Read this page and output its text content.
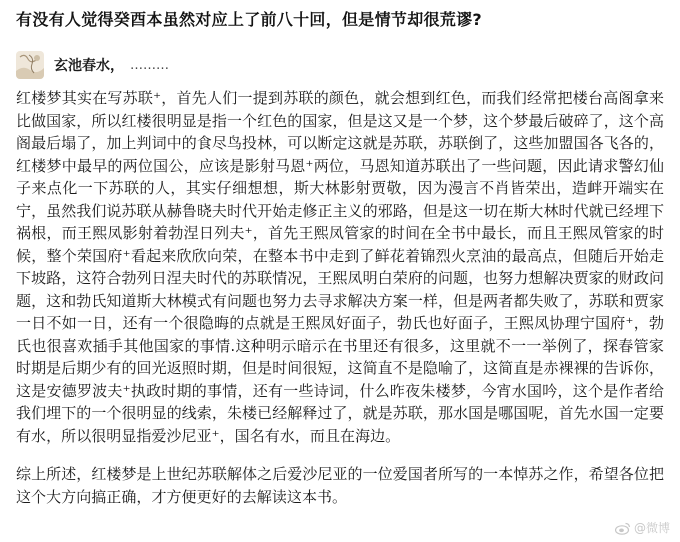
有没有人觉得癸酉本虽然对应上了前八十回，但是情节却很荒谬?
玄池春水 ， ………

红楼梦其实在写苏联⁺，首先人们一提到苏联的颜色，就会想到红色，而我们经常把楼台高阁拿来比做国家，所以红楼很明显是指一个红色的国家，但是这又是一个梦，这个梦最后破碎了，这个高阁最后塌了，加上判词中的食尽鸟投林，可以断定这就是苏联，苏联倒了，这些加盟国各飞各的，红楼梦中最早的两位国公，应该是影射马恩⁺两位，马恩知道苏联出了一些问题，因此请求警幻仙子来点化一下苏联的人，其实仔细想想，斯大林影射贾敬，因为漫言不肖皆荣出，造衅开端实在宁，虽然我们说苏联从赫鲁晓夫时代开始走修正主义的邪路，但是这一切在斯大林时代就已经埋下祸根，而王熙凤影射着勃涅日列夫⁺，首先王熙凤管家的时间在全书中最长，而且王熙凤管家的时候，整个荣国府⁺看起来欣欣向荣，在整本书中走到了鲜花着锦烈火烹油的最高点，但随后开始走下坡路，这符合勃列日涅夫时代的苏联情况，王熙凤明白荣府的问题，也努力想解决贾家的财政问题，这和勃氏知道斯大林模式有问题也努力去寻求解决方案一样，但是两者都失败了，苏联和贾家一日不如一日，还有一个很隐晦的点就是王熙凤好面子，勃氏也好面子，王熙凤协理宁国府⁺，勃氏也很喜欢插手其他国家的事情.这种明示暗示在书里还有很多，这里就不一一举例了，探春管家时期是后期少有的回光返照时期，但是时间很短，这简直不是隐喻了，这简直是赤裸裸的告诉你，这是安德罗波夫⁺执政时期的事情，还有一些诗词，什么昨夜朱楼梦，今宵水国吟，这个是作者给我们埋下的一个很明显的线索，朱楼已经解释过了，就是苏联，那水国是哪国呢，首先水国一定要有水，所以很明显指爱沙尼亚⁺，国名有水，而且在海边。

综上所述，红楼梦是上世纪苏联解体之后爱沙尼亚的一位爱国者所写的一本悼苏之作，希望各位把这个大方向搞正确，才方便更好的去解读这本书。

@微博
